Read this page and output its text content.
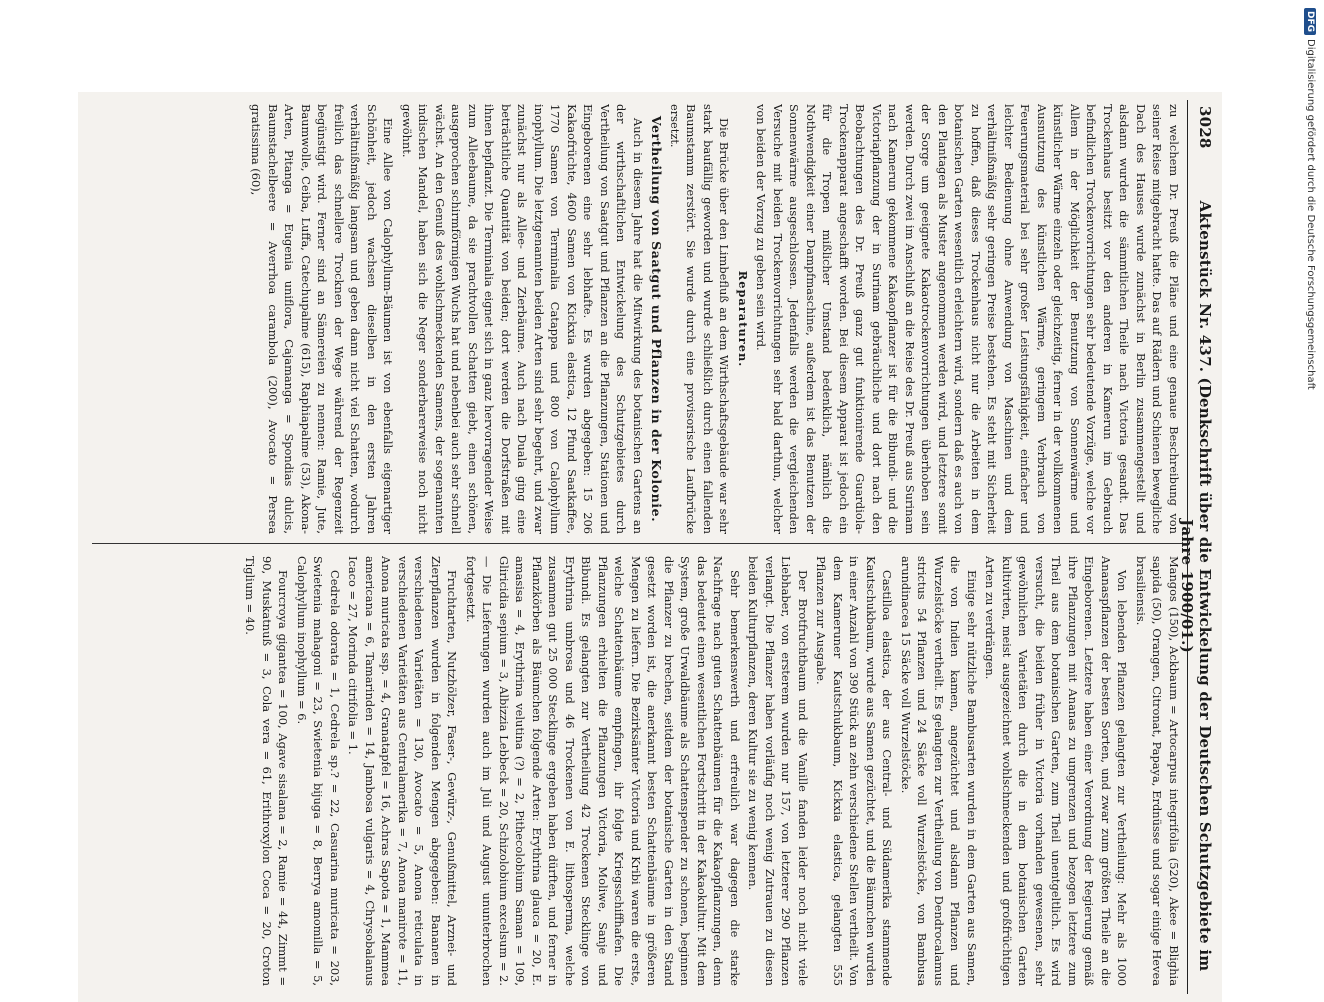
3028
Aktenstück Nr. 437. (Denkschrift über die Entwickelung der Deutschen Schutzgebiete im Jahre 1900/01.)

zu welchem Dr. Preuß die Pläne und eine genaue Beschreibung von seiner Reise mitgebracht hatte. Das auf Rädern und Schienen bewegliche Dach des Hauses wurde zunächst in Berlin zusammengestellt und alsdann wurden die sämmtlichen Theile nach Victoria gesandt. Das Trockenhaus besitzt vor den anderen in Kamerun im Gebrauch befindlichen Trockenvorrichtungen sehr bedeutende Vorzüge, welche vor Allem in der Möglichkeit der Benutzung von Sonnenwärme und künstlicher Wärme einzeln oder gleichzeitig, ferner in der vollkommenen Ausnutzung des künstlichen Wärme, geringem Verbrauch von Feuerungsmaterial bei sehr großer Leistungsfähigkeit, einfacher und leichter Bedienung ohne Anwendung von Maschinen und dem verhältnißmäßig sehr geringen Preise bestehen. Es steht mit Sicherheit zu hoffen, daß dieses Trockenhaus nicht nur die Arbeiten in dem botanischen Garten wesentlich erleichtern wird, sondern daß es auch von den Plantagen als Muster angenommen werden wird, und letztere somit der Sorge um geeignete Kakaotrockenvorrichtungen überhoben sein werden. Durch zwei im Anschluß an die Reise des Dr. Preuß aus Surinam nach Kamerun gekommene Kakaopflanzer ist für die Bibundi- und die Victoriapflanzung der in Surinam gebräuchliche und dort nach den Beobachtungen des Dr. Preuß ganz gut funktionirende Guardiola-Trockenapparat angeschafft worden. Bei diesem Apparat ist jedoch ein für die Tropen mißlicher Umstand bedenklich, nämlich die Nothwendigkeit einer Dampfmaschine, außerdem ist das Benutzen der Sonnenwärme ausgeschlossen. Jedenfalls werden die vergleichenden Versuche mit beiden Trockenvorrichtungen sehr bald darthun, welcher von beiden der Vorzug zu geben sein wird.

Reparaturen.

Die Brücke über den Limbefluß an dem Wirthschaftsgebäude war sehr stark baufällig geworden und wurde schließlich durch einen fallenden Baumstamm zerstört. Sie wurde durch eine provisorische Laufbrücke ersetzt.

Vertheilung von Saatgut und Pflanzen in der Kolonie.

Auch in diesem Jahre hat die Mitwirkung des botanischen Gartens an der wirthschaftlichen Entwickelung des Schutzgebietes durch Vertheilung von Saatgut und Pflanzen an die Pflanzungen, Stationen und Eingeborenen eine sehr lebhafte. Es wurden abgegeben: 15 206 Kakaofrüchte, 4600 Samen von Kickxia elastica, 12 Pfund Saatkaffee, 1770 Samen von Terminalia Catappa und 800 von Calophyllum inophyllum. Die letztgenannten beiden Arten sind sehr begehrt, und zwar zunächst nur als Allee- und Zierbäume. Auch nach Duala ging eine beträchtliche Quantität von beiden; dort werden die Dorfstraßen mit ihnen bepflanzt. Die Terminalia eignet sich in ganz hervorragender Weise zum Alleebaume, da sie prachtvollen Schatten giebt, einen schönen, ausgeprochen schirmförmigen Wuchs hat und nebenbei auch sehr schnell wächst. An den Genuß des wohlschmeckenden Samens, der sogenannten indischen Mandel, haben sich die Neger sonderbarerweise noch nicht gewöhnt.

Eine Allee von Calophyllum-Bäumen ist von ebenfalls eigenartiger Schönheit, jedoch wachsen dieselben in den ersten Jahren verhältnißmäßig langsam und geben dann nicht viel Schatten, wodurch freilich das schnellere Trocknen der Wege während der Regenzeit begünstigt wird. Ferner sind an Sämereien zu nennen: Ramie, Jute, Baumwolle, Ceiba, Luffa, Catechupalme (615), Raphiapalme (53), Akona-Arten, Pitanga = Eugenia uniflora, Cajamanga = Spondias dulcis, Baumstachelbeere = Averrhoa carambola (200), Avocato = Persea gratissima (60),

Mangos (150), Ackbaum = Artocarpus integrifolia (520), Akee = Blighia sapida (50), Orangen, Citronat, Papaya, Erdnüsse und sogar einige Hevea brasiliensis.

Von lebenden Pflanzen gelangten zur Vertheilung: Mehr als 1000 Ananaspflanzen der besten Sorten, und zwar zum größten Theile an die Eingeborenen. Letztere haben einer Verordnung der Regierung gemäß ihre Pflanzungen mit Ananas zu umgrenzen und bezogen letztere zum Theil aus dem botanischen Garten, zum Theil unentgeltlich. Es wird versucht, die beiden früher in Victoria vorhanden gewesenen, sehr gewöhnlichen Varietäten durch die in dem botanischen Garten kultivirten, meist ausgezeichnet wohlschmeckenden und großfrüchtigen Arten zu verdrängen.

Einige sehr nützliche Bambusarten wurden in dem Garten aus Samen, die von Indien kamen, angezüchtet und alsdann Pflanzen und Wurzelstöcke vertheilt. Es gelangten zur Vertheilung von Dendrocalamus strictus 54 Pflanzen und 24 Säcke voll Wurzelstöcke, von Bambusa arundinacea 15 Säcke voll Wurzelstöcke.

Castilloa elastica, der aus Central- und Südamerika stammende Kautschukbaum, wurde aus Samen gezüchtet, und die Bäumchen wurden in einer Anzahl von 390 Stück an zehn verschiedene Stellen vertheilt. Von dem Kameruner Kautschukbaum, Kickxia elastica, gelangten 555 Pflanzen zur Ausgabe.

Der Brotfruchtbaum und die Vanille fanden leider noch nicht viele Liebhaber, von ersterem wurden nur 157, von letzterer 290 Pflanzen verlangt. Die Pflanzer haben vorläufig noch wenig Zutrauen zu diesen beiden Kulturpflanzen, deren Kultur sie zu wenig kennen.

Sehr bemerkenswerth und erfreulich war dagegen die starke Nachfrage nach guten Schattenbäumen für die Kakaopflanzungen, denn das bedeutet einen wesentlichen Fortschritt in der Kakaokultur. Mit dem System, große Urwaldbäume als Schattenspender zu schonen, beginnen die Pflanzer zu brechen, seitdem der botanische Garten in den Stand gesetzt worden ist, die anerkannt besten Schattenbäume in größeren Mengen zu liefern. Die Bezirksämter Victoria und Kribi waren die erste, welche Schattenbäume empfingen, ihr folgte Kriegsschiffhafen. Die Pflanzungen erhielten die Pflanzungen Victoria, Moliwe, Sanje und Bibundi. Es gelangten zur Vertheilung 42 Trockenen Stecklinge von Erythrina umbrosa und 46 Trockenen von E. lithosperma, welche zusammen gut 25 000 Stecklinge ergeben haben dürften, und ferner in Pflanzkörben als Bäumchen folgende Arten: Erythrina glauca = 20, E. amasisa = 4, Erythrina velutina (?) = 2, Pithecolobium Saman = 109, Gliricidia sepium = 3, Albizzia Lebbeck = 20, Schizolobium excelsum = 2. — Die Lieferungen wurden auch im Juli und August ununterbrochen fortgesetzt.

Fruchtarten, Nutzhölzer, Faser-, Gewürz-, Genußmittel, Arznei- und Zierpflanzen wurden in folgenden Mengen abgegeben: Bananen in verschiedenen Varietäten = 130, Avocato = 5, Anona reticulata in verschiedenen Varietäten aus Centralamerika = 7, Anona manirote = 11, Anona muricata ssp. = 4, Granatapfel = 16, Achras Sapota = 1, Mammea americana = 6, Tamarinden = 14, Jambosa vulgaris = 4, Chrysobalanus Icaco = 27, Morinda citrifolia = 1.

Cedrela odorata = 1, Cedrela sp.? = 22, Casuarina muricata = 203, Swietenia mahagoni = 23, Swietenia bijuga = 8, Berrya amomilla = 5, Calophyllum inophyllum = 6.

Fourcroya gigantea = 100, Agave sisalana = 2, Ramie = 44, Zimmt = 90, Muskatnuß = 3, Cola vera = 61, Erithroxylon Coca = 20, Croton Tiglium = 40.

DFGDigitalisierung gefördert durch die Deutsche Forschungsgemeinschaft
